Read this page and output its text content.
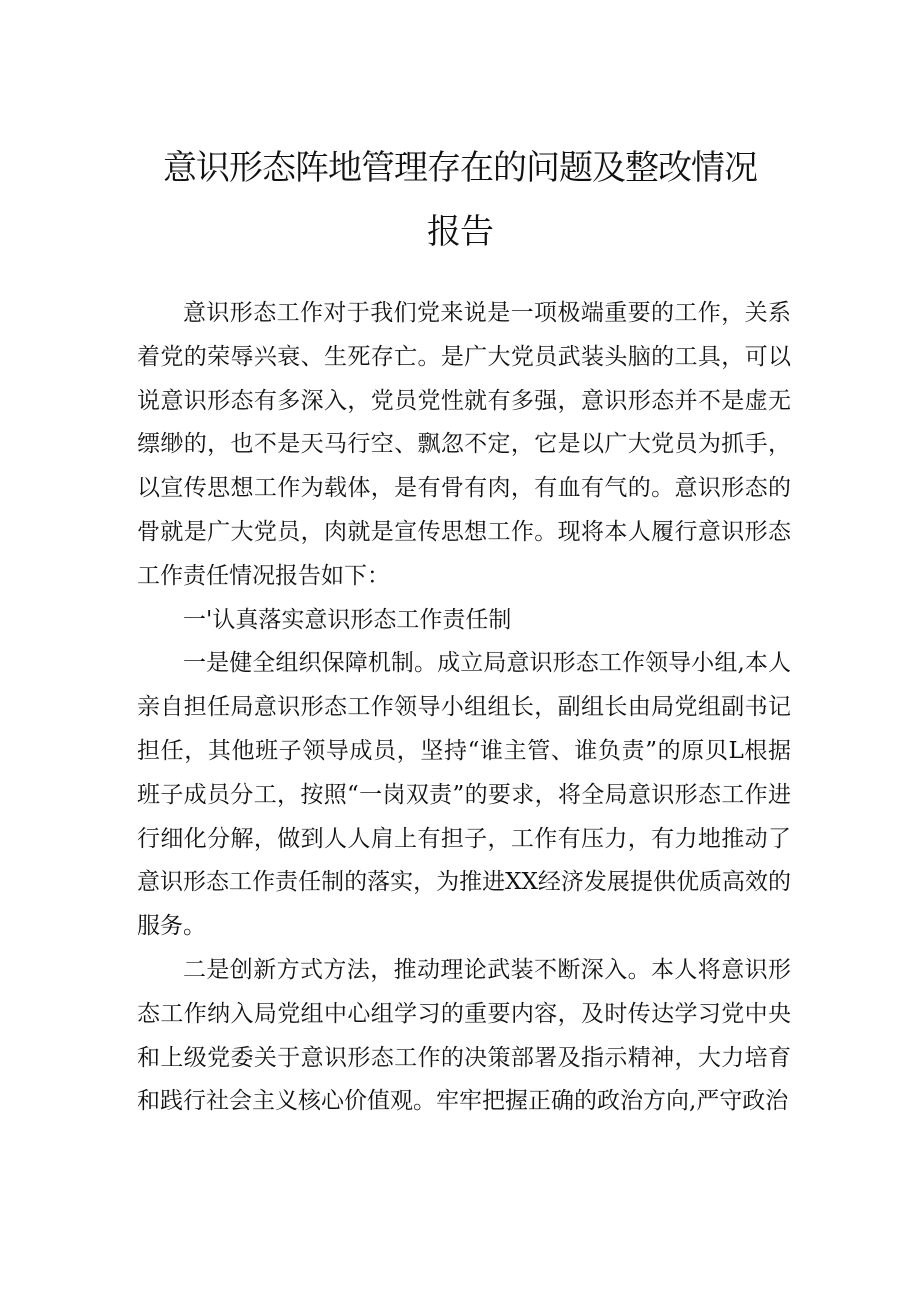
意识形态阵地管理存在的问题及整改情况
报告

意识形态工作对于我们党来说是一项极端重要的工作，关系着党的荣辱兴衰、生死存亡。是广大党员武装头脑的工具，可以说意识形态有多深入，党员党性就有多强，意识形态并不是虚无缥缈的，也不是天马行空、飘忽不定，它是以广大党员为抓手，以宣传思想工作为载体，是有骨有肉，有血有气的。意识形态的骨就是广大党员，肉就是宣传思想工作。现将本人履行意识形态工作责任情况报告如下：

一'认真落实意识形态工作责任制

一是健全组织保障机制。成立局意识形态工作领导小组,本人亲自担任局意识形态工作领导小组组长，副组长由局党组副书记担任，其他班子领导成员，坚持“谁主管、谁负责”的原贝L根据班子成员分工，按照“一岗双责”的要求，将全局意识形态工作进行细化分解，做到人人肩上有担子，工作有压力，有力地推动了意识形态工作责任制的落实，为推进XX经济发展提供优质高效的服务。

二是创新方式方法，推动理论武装不断深入。本人将意识形态工作纳入局党组中心组学习的重要内容，及时传达学习党中央和上级党委关于意识形态工作的决策部署及指示精神，大力培育和践行社会主义核心价值观。牢牢把握正确的政治方向,严守政治
